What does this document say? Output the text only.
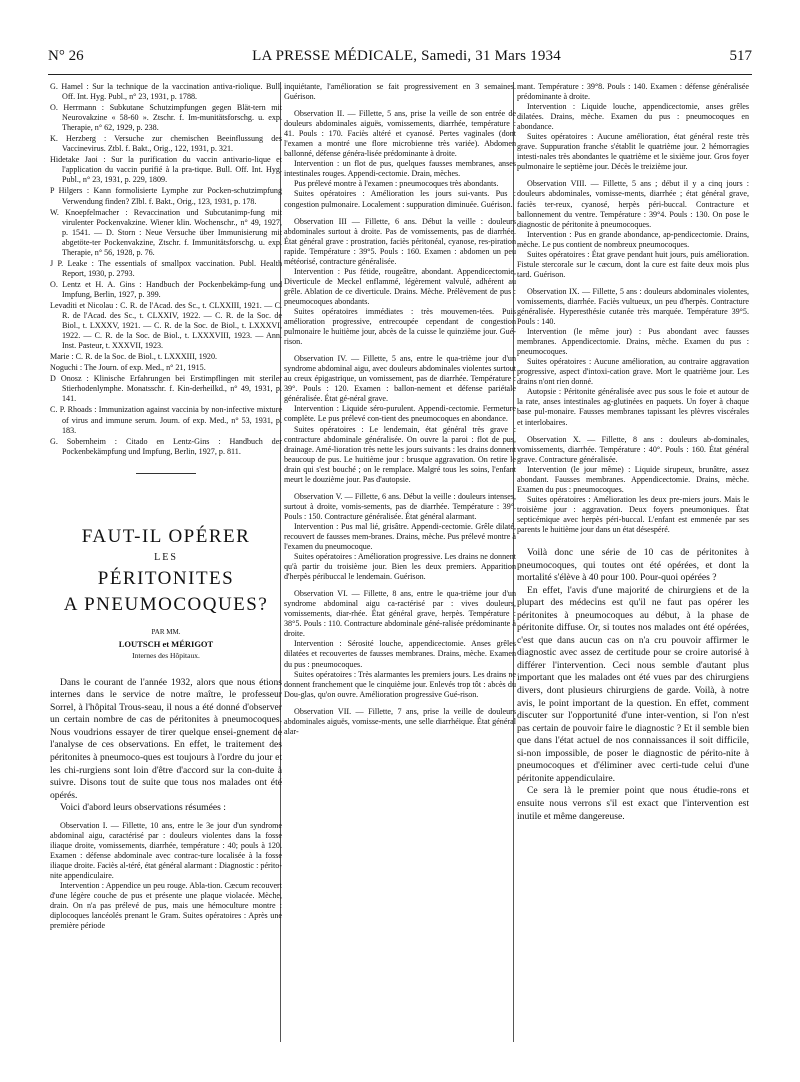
N° 26	LA PRESSE MÉDICALE, Samedi, 31 Mars 1934	517

G. Hamel : Sur la technique de la vaccination antiva-riolique. Bull. Off. Int. Hyg. Publ., n° 23, 1931, p. 1788.

O. Herrmann : Subkutane Schutzimpfungen gegen Blät-tern mit Neurovakzine « 58-60 ». Ztschr. f. Im-munitätsforschg. u. exp. Therapie, n° 62, 1929, p. 238.

K. Herzberg : Versuche zur chemischen Beeinflussung des Vaccinevirus. Ztbl. f. Bakt., Orig., 122, 1931, p. 321.

Hidetake Jaoi : Sur la purification du vaccin antivario-lique et l'application du vaccin purifié à la pra-tique. Bull. Off. Int. Hyg. Publ., n° 23, 1931, p. 229, 1809.

P Hilgers : Kann formolisierte Lymphe zur Pocken-schutzimpfung Verwendung finden? Zlbl. f. Bakt., Orig., 123, 1931, p. 178.

W. Knoepfelmacher : Revaccination und Subcutanimp-fung mit virulenter Pockenvakzine. Wiener klin. Wochenschr., n° 49, 1927, p. 1541. — D. Storn : Neue Versuche über Immunisierung mit abgetöte-ter Pockenvakzine, Ztschr. f. Immunitätsforschg. u. exp. Therapie, n° 56, 1928, p. 76.

J P. Leake : The essentials of smallpox vaccination. Publ. Health Report, 1930, p. 2793.

O. Lentz et H. A. Gins : Handbuch der Pockenbekämp-fung und Impfung, Berlin, 1927, p. 399.

Levaditi et Nicolau : C. R. de l'Acad. des Sc., t. CLXXIII, 1921. — C. R. de l'Acad. des Sc., t. CLXXIV, 1922. — C. R. de la Soc. de Biol., t. LXXXV, 1921. — C. R. de la Soc. de Biol., t. LXXXVI, 1922. — C. R. de la Soc. de Biol., t. LXXXVIII, 1923. — Ann. Inst. Pasteur, t. XXXVII, 1923.

Marie : C. R. de la Soc. de Biol., t. LXXXIII, 1920.

Noguchi : The Journ. of exp. Med., n° 21, 1915.

D Onosz : Klinische Erfahrungen bei Erstimpflingen mit steriler Stierhodenlymphe. Monatsschr. f. Kin-derheilkd., n° 49, 1931, p. 141.

C. P. Rhoads : Immunization against vaccinia by non-infective mixture of virus and immune serum. Journ. of exp. Med., n° 53, 1931, p. 183.

G. Sobernheim : Citado en Lentz-Gins : Handbuch der Pockenbekämpfung und Impfung, Berlin, 1927, p. 811.

FAUT-IL OPÉRER
LES
PÉRITONITES
A PNEUMOCOQUES?
PAR MM.
LOUTSCH et MÉRIGOT
Internes des Hôpitaux.

Dans le courant de l'année 1932, alors que nous étions internes dans le service de notre maître, le professeur Sorrel, à l'hôpital Trous-seau, il nous a été donné d'observer un certain nombre de cas de péritonites à pneumocoques. Nous voudrions essayer de tirer quelque ensei-gnement de l'analyse de ces observations. En effet, le traitement des péritonites à pneumoco-ques est toujours à l'ordre du jour et les chi-rurgiens sont loin d'être d'accord sur la con-duite à suivre. Disons tout de suite que tous nos malades ont été opérés.

Voici d'abord leurs observations résumées :

Observation I. — Fillette, 10 ans, entre le 3e jour d'un syndrome abdominal aigu, caractérisé par : douleurs violentes dans la fosse iliaque droite, vomissements, diarrhée, température : 40; pouls à 120. Examen : défense abdominale avec contrac-ture localisée à la fosse iliaque droite. Faciès al-téré, état général alarmant : Diagnostic : périto-nite appendiculaire.

Intervention : Appendice un peu rouge. Abla-tion. Cæcum recouvert d'une légère couche de pus et présente une plaque violacée. Mèche, drain. On n'a pas prélevé de pus, mais une hémoculture montre : diplocoques lancéolés prenant le Gram. Suites opératoires : Après une première période

inquiétante, l'amélioration se fait progressivement en 3 semaines. Guérison.

Observation II. — Fillette, 5 ans, prise la veille de son entrée de douleurs abdominales aiguës, vomissements, diarrhée, température : 41. Pouls : 170. Faciès altéré et cyanosé. Pertes vaginales (dont l'examen a montré une flore microbienne très variée). Abdomen ballonné, défense généra-lisée prédominante à droite.

Intervention : un flot de pus, quelques fausses membranes, anses intestinales rouges. Appendi-cectomie. Drain, mèches.

Pus prélevé montre à l'examen : pneumocoques très abondants.

Suites opératoires : Amélioration les jours sui-vants. Pus : congestion pulmonaire. Localement : suppuration diminuée. Guérison.

Observation III — Fillette, 6 ans. Début la veille : douleurs abdominales surtout à droite. Pas de vomissements, pas de diarrhée. État général grave : prostration, faciès péritonéal, cyanose, res-piration rapide. Température : 39°5. Pouls : 160. Examen : abdomen un peu météorisé, contracture généralisée.

Intervention : Pus fétide, rougeâtre, abondant. Appendicectomie, Diverticule de Meckel enflammé, légèrement valvulé, adhérent au grêle. Ablation de ce diverticule. Drains. Mèche. Prélèvement de pus : pneumocoques abondants.

Suites opératoires immédiates : très mouvemen-tées. Puis amélioration progressive, entrecoupée cependant de congestion pulmonaire le huitième jour, abcès de la cuisse le quinzième jour. Gué-rison.

Observation IV. — Fillette, 5 ans, entre le qua-trième jour d'un syndrome abdominal aigu, avec douleurs abdominales violentes surtout au creux épigastrique, un vomissement, pas de diarrhée. Température : 39°. Pouls : 120. Examen : ballon-nement et défense pariétale généralisée. État gé-néral grave.

Intervention : Liquide séro-purulent. Appendi-cectomie. Fermeture complète. Le pus prélevé con-tient des pneumocoques en abondance.

Suites opératoires : Le lendemain, état général très grave : contracture abdominale généralisée. On ouvre la paroi : flot de pus, drainage. Amé-lioration très nette les jours suivants : les drains donnent beaucoup de pus. Le huitième jour : brusque aggravation. On retire le drain qui s'est bouché ; on le remplace. Malgré tous les soins, l'enfant meurt le douzième jour. Pas d'autopsie.

Observation V. — Fillette, 6 ans. Début la veille : douleurs intenses, surtout à droite, vomis-sements, pas de diarrhée. Température : 39°. Pouls : 150. Contracture généralisée. État général alarmant.

Intervention : Pus mal lié, grisâtre. Appendi-cectomie. Grêle dilaté, recouvert de fausses mem-branes. Drains, mèche. Pus prélevé montre à l'examen du pneumocoque.

Suites opératoires : Amélioration progressive. Les drains ne donnent qu'à partir du troisième jour. Bien les deux premiers. Apparition d'herpès péribuccal le lendemain. Guérison.

Observation VI. — Fillette, 8 ans, entre le qua-trième jour d'un syndrome abdominal aigu ca-ractérisé par : vives douleurs, vomissements, diar-rhée. État général grave, herpès. Température : 38°5. Pouls : 110. Contracture abdominale géné-ralisée prédominante à droite.

Intervention : Sérosité louche, appendicectomie. Anses grêles dilatées et recouvertes de fausses membranes. Drains, mèche. Examen du pus : pneumocoques.

Suites opératoires : Très alarmantes les premiers jours. Les drains ne donnent franchement que le cinquième jour. Enlevés trop tôt : abcès du Dou-glas, qu'on ouvre. Amélioration progressive Gué-rison.

Observation VII. — Fillette, 7 ans, prise la veille de douleurs abdominales aiguës, vomisse-ments, une selle diarrhéique. État général alar-

mant. Température : 39°8. Pouls : 140. Examen : défense généralisée prédominante à droite.

Intervention : Liquide louche, appendicectomie, anses grêles dilatées. Drains, mèche. Examen du pus : pneumocoques en abondance.

Suites opératoires : Aucune amélioration, état général reste très grave. Suppuration franche s'établit le quatrième jour. 2 hémorragies intesti-nales très abondantes le quatrième et le sixième jour. Gros foyer pulmonaire le septième jour. Décès le treizième jour.

Observation VIII. — Fillette, 5 ans ; début il y a cinq jours : douleurs abdominales, vomisse-ments, diarrhée ; état général grave, faciès ter-reux, cyanosé, herpès péri-buccal. Contracture et ballonnement du ventre. Température : 39°4. Pouls : 130. On pose le diagnostic de péritonite à pneumocoques.

Intervention : Pus en grande abondance, ap-pendicectomie. Drains, mèche. Le pus contient de nombreux pneumocoques.

Suites opératoires : État grave pendant huit jours, puis amélioration. Fistule stercorale sur le cæcum, dont la cure est faite deux mois plus tard. Guérison.

Observation IX. — Fillette, 5 ans : douleurs abdominales violentes, vomissements, diarrhée. Faciès vultueux, un peu d'herpès. Contracture généralisée. Hyperesthésie cutanée très marquée. Température 39°5. Pouls : 140.

Intervention (le même jour) : Pus abondant avec fausses membranes. Appendicectomie. Drains, mèche. Examen du pus : pneumocoques.

Suites opératoires : Aucune amélioration, au contraire aggravation progressive, aspect d'intoxi-cation grave. Mort le quatrième jour. Les drains n'ont rien donné.

Autopsie : Péritonite généralisée avec pus sous le foie et autour de la rate, anses intestinales ag-glutinées en paquets. Un foyer à chaque base pul-monaire. Fausses membranes tapissant les plèvres viscérales et interlobaires.

Observation X. — Fillette, 8 ans : douleurs ab-dominales, vomissements, diarrhée. Température : 40°. Pouls : 160. État général grave. Contracture généralisée.

Intervention (le jour même) : Liquide sirupeux, brunâtre, assez abondant. Fausses membranes. Appendicectomie. Drains, mèche. Examen du pus : pneumocoques.

Suites opératoires : Amélioration les deux pre-miers jours. Mais le troisième jour : aggravation. Deux foyers pneumoniques. État septicémique avec herpès péri-buccal. L'enfant est emmenée par ses parents le huitième jour dans un état désespéré.

Voilà donc une série de 10 cas de péritonites à pneumocoques, qui toutes ont été opérées, et dont la mortalité s'élève à 40 pour 100. Pour-quoi opérées ?

En effet, l'avis d'une majorité de chirurgiens et de la plupart des médecins est qu'il ne faut pas opérer les péritonites à pneumocoques au début, à la phase de péritonite diffuse. Or, si toutes nos malades ont été opérées, c'est que dans aucun cas on n'a cru pouvoir affirmer le diagnostic avec assez de certitude pour se croire autorisé à différer l'intervention. Ceci nous semble d'autant plus important que les malades ont été vues par des chirurgiens divers, dont plusieurs chirurgiens de garde. Voilà, à notre avis, le point important de la question. En effet, comment discuter sur l'opportunité d'une inter-vention, si l'on n'est pas certain de pouvoir faire le diagnostic ? Et il semble bien que dans l'état actuel de nos connaissances il soit difficile, si-non impossible, de poser le diagnostic de périto-nite à pneumocoques et d'éliminer avec certi-tude celui d'une péritonite appendiculaire.

Ce sera là le premier point que nous étudie-rons et ensuite nous verrons s'il est exact que l'intervention est inutile et même dangereuse.
